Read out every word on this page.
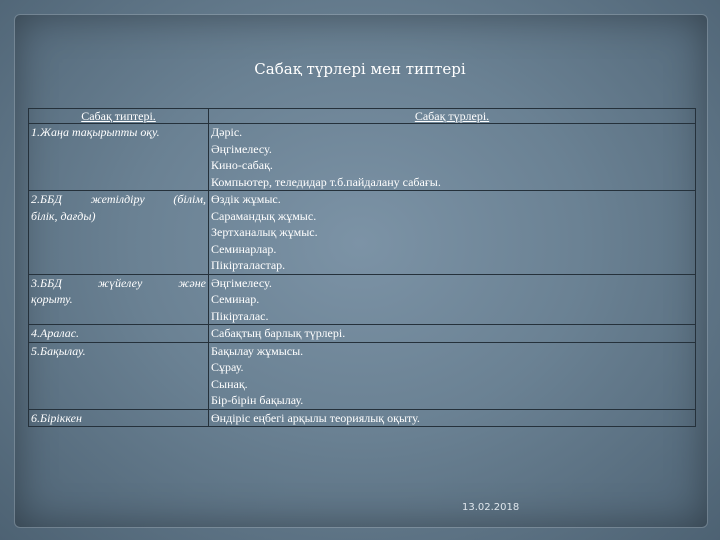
Сабақ түрлері мен типтері
Сабақ типтері.	Сабақ түрлері.

1.Жаңа тақырыпты оқу.	Дәріс.
Әңгімелесу.
Кино-сабақ.
Компьютер, теледидар т.б.пайдалану сабағы.

2.ББД жетілдіру (білім,
білік, дағды)	Өздік жұмыс.
Сарамандық жұмыс.
Зертханалық жұмыс.
Семинарлар.
Пікірталастар.

3.ББД жүйелеу және
қорыту.	Әңгімелесу.
Семинар.
Пікірталас.

4.Аралас.	Сабақтың барлық түрлері.

5.Бақылау.	Бақылау жұмысы.
Сұрау.
Сынақ.
Бір-бірін бақылау.

6.Біріккен	Өндіріс еңбегі арқылы теориялық оқыту.
13.02.2018
